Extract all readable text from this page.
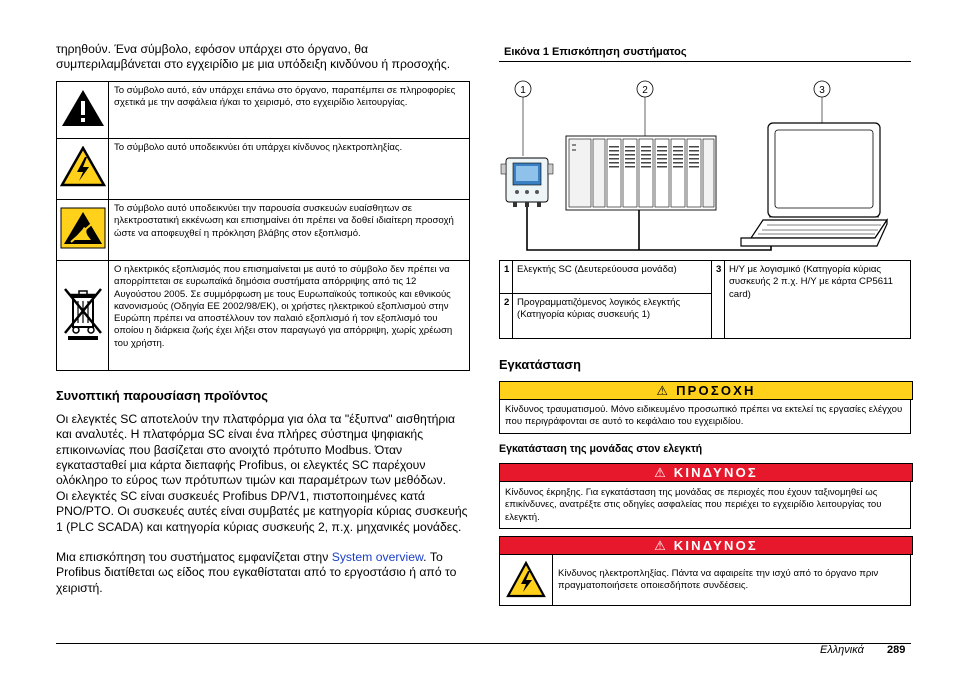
τηρηθούν. Ένα σύμβολο, εφόσον υπάρχει στο όργανο, θα συμπεριλαμβάνεται στο εγχειρίδιο με μια υπόδειξη κινδύνου ή προσοχής.
	Το σύμβολο αυτό, εάν υπάρχει επάνω στο όργανο, παραπέμπει σε πληροφορίες σχετικά με την ασφάλεια ή/και το χειρισμό, στο εγχειρίδιο λειτουργίας.
	Το σύμβολο αυτό υποδεικνύει ότι υπάρχει κίνδυνος ηλεκτροπληξίας.
	Το σύμβολο αυτό υποδεικνύει την παρουσία συσκευών ευαίσθητων σε ηλεκτροστατική εκκένωση και επισημαίνει ότι πρέπει να δοθεί ιδιαίτερη προσοχή ώστε να αποφευχθεί η πρόκληση βλάβης στον εξοπλισμό.
	Ο ηλεκτρικός εξοπλισμός που επισημαίνεται με αυτό το σύμβολο δεν πρέπει να απορρίπτεται σε ευρωπαϊκά δημόσια συστήματα απόρριψης από τις 12 Αυγούστου 2005. Σε συμμόρφωση με τους Ευρωπαϊκούς τοπικούς και εθνικούς κανονισμούς (Οδηγία ΕΕ 2002/98/ΕΚ), οι χρήστες ηλεκτρικού εξοπλισμού στην Ευρώπη πρέπει να αποστέλλουν τον παλαιό εξοπλισμό ή τον εξοπλισμό του οποίου η διάρκεια ζωής έχει λήξει στον παραγωγό για απόρριψη, χωρίς χρέωση του χρήστη.
Συνοπτική παρουσίαση προϊόντος
Οι ελεγκτές SC αποτελούν την πλατφόρμα για όλα τα "έξυπνα" αισθητήρια και αναλυτές. Η πλατφόρμα SC είναι ένα πλήρες σύστημα ψηφιακής επικοινωνίας που βασίζεται στο ανοιχτό πρότυπο Modbus. Όταν εγκατασταθεί μια κάρτα διεπαφής Profibus, οι ελεγκτές SC παρέχουν ολόκληρο το εύρος των πρότυπων τιμών και παραμέτρων των μεθόδων.
Οι ελεγκτές SC είναι συσκευές Profibus DP/V1, πιστοποιημένες κατά PNO/PTO. Οι συσκευές αυτές είναι συμβατές με κατηγορία κύριας συσκευής 1 (PLC SCADA) και κατηγορία κύριας συσκευής 2, π.χ. μηχανικές μονάδες.
Μια επισκόπηση του συστήματος εμφανίζεται στην System overview. Το Profibus διατίθεται ως είδος που εγκαθίσταται από το εργοστάσιο ή από το χειριστή.
Εικόνα 1 Επισκόπηση συστήματος
1	2	3
1	Ελεγκτής SC (Δευτερεύουσα μονάδα)	3	Η/Υ με λογισμικό (Κατηγορία κύριας συσκευής 2 π.χ. Η/Υ με κάρτα CP5611 card)
2	Προγραμματιζόμενος λογικός ελεγκτής (Κατηγορία κύριας συσκευής 1)		
Εγκατάσταση
⚠ ΠΡΟΣΟΧΗ
Κίνδυνος τραυματισμού. Μόνο ειδικευμένο προσωπικό πρέπει να εκτελεί τις εργασίες ελέγχου που περιγράφονται σε αυτό το κεφάλαιο του εγχειριδίου.
Εγκατάσταση της μονάδας στον ελεγκτή
⚠ ΚΙΝΔΥΝΟΣ
Κίνδυνος έκρηξης. Για εγκατάσταση της μονάδας σε περιοχές που έχουν ταξινομηθεί ως επικίνδυνες, ανατρέξτε στις οδηγίες ασφαλείας που περιέχει το εγχειρίδιο λειτουργίας του ελεγκτή.
⚠ ΚΙΝΔΥΝΟΣ
Κίνδυνος ηλεκτροπληξίας. Πάντα να αφαιρείτε την ισχύ από το όργανο πριν πραγματοποιήσετε οποιεσδήποτε συνδέσεις.
Ελληνικά 289
